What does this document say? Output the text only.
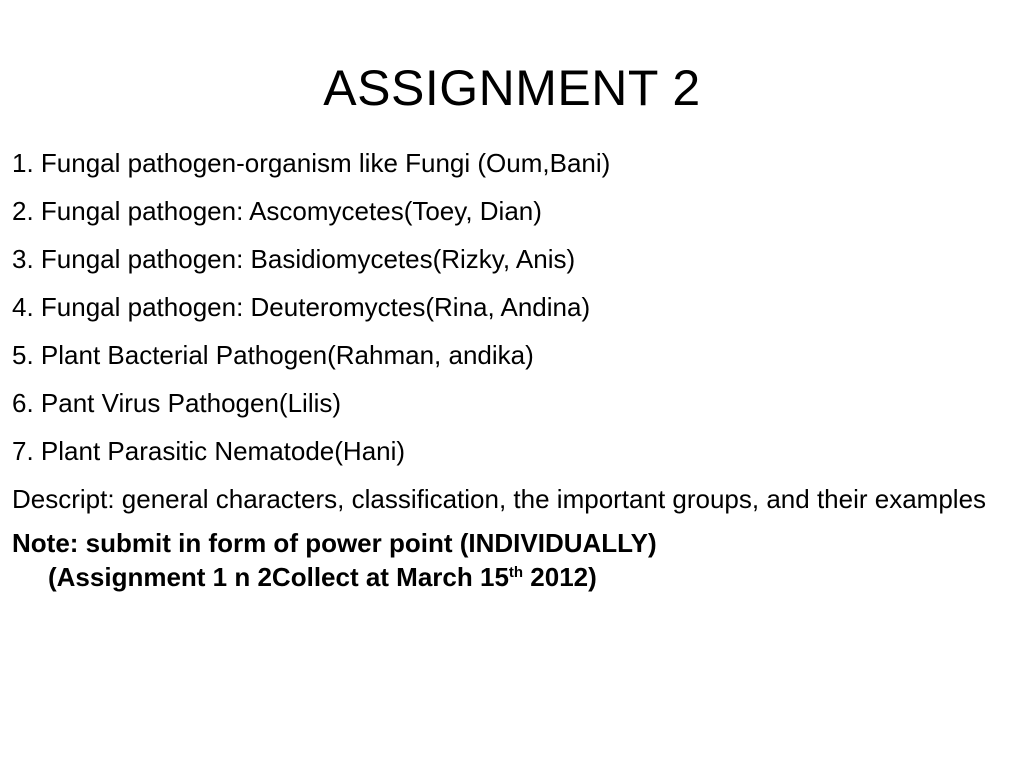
ASSIGNMENT 2
1. Fungal pathogen-organism like Fungi (Oum,Bani)
2. Fungal pathogen: Ascomycetes(Toey, Dian)
3. Fungal pathogen: Basidiomycetes(Rizky, Anis)
4. Fungal pathogen: Deuteromyctes(Rina, Andina)
5. Plant Bacterial Pathogen(Rahman, andika)
6. Pant Virus Pathogen(Lilis)
7. Plant Parasitic Nematode(Hani)
Descript: general characters, classification, the important groups, and their examples
Note: submit in form of power point (INDIVIDUALLY)
(Assignment 1 n 2Collect at March 15th 2012)
